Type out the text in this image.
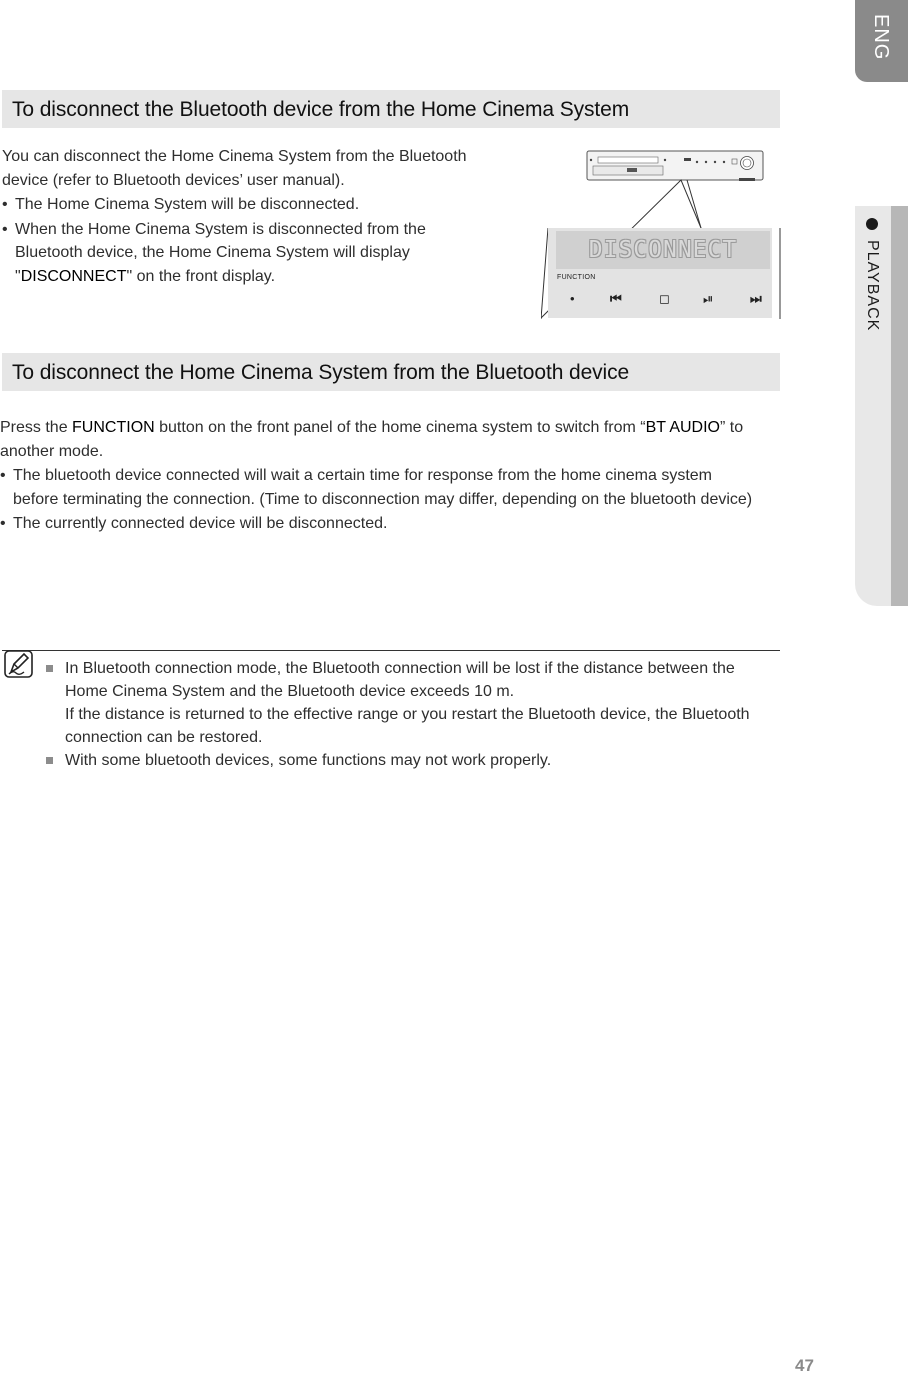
ENG
PLAYBACK
To disconnect the Bluetooth device from the Home Cinema System

You can disconnect the Home Cinema System from the Bluetooth device (refer to Bluetooth devices’ user manual).

• The Home Cinema System will be disconnected.

• When the Home Cinema System is disconnected from the Bluetooth device, the Home Cinema System will display "DISCONNECT" on the front display.

DISCONNECT
FUNCTION
•	⏮	◻	⏯	⏭
To disconnect the Home Cinema System from the Bluetooth device

Press the FUNCTION button on the front panel of the home cinema system to switch from “BT AUDIO” to another mode.

• The bluetooth device connected will wait a certain time for response from the home cinema system before terminating the connection. (Time to disconnection may differ, depending on the bluetooth device)

• The currently connected device will be disconnected.

In Bluetooth connection mode, the Bluetooth connection will be lost if the distance between the Home Cinema System and the Bluetooth device exceeds 10 m.
If the distance is returned to the effective range or you restart the Bluetooth device, the Bluetooth connection can be restored.
With some bluetooth devices, some functions may not work properly.
47
